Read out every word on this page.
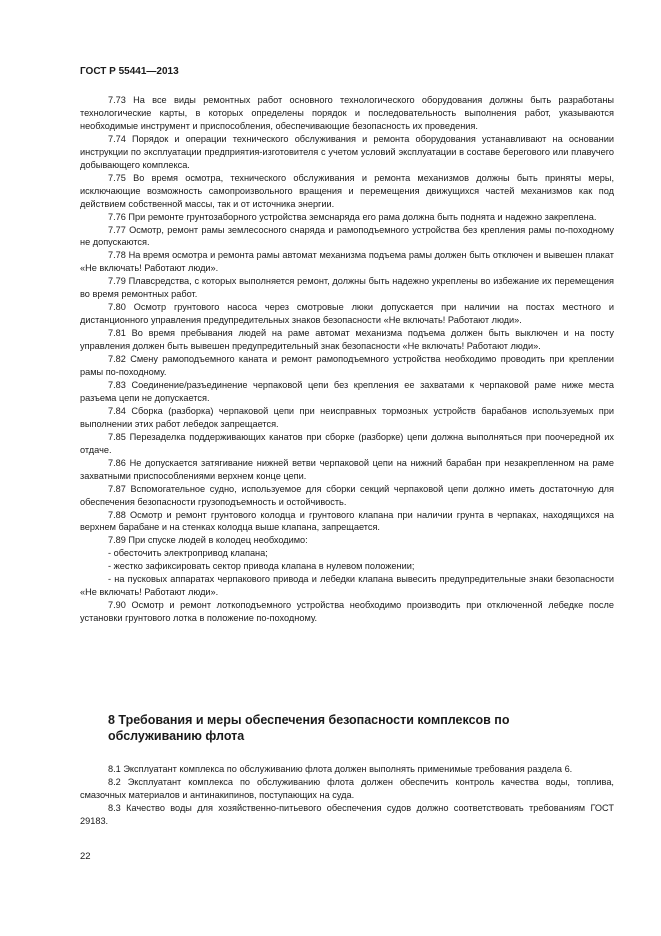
ГОСТ Р 55441—2013

7.73 На все виды ремонтных работ основного технологического оборудования должны быть разработаны технологические карты, в которых определены порядок и последовательность выполнения работ, указываются необходимые инструмент и приспособления, обеспечивающие безопасность их проведения.

7.74 Порядок и операции технического обслуживания и ремонта оборудования устанавливают на основании инструкции по эксплуатации предприятия-изготовителя с учетом условий эксплуатации в составе берегового или плавучего добывающего комплекса.

7.75 Во время осмотра, технического обслуживания и ремонта механизмов должны быть приняты меры, исключающие возможность самопроизвольного вращения и перемещения движущихся частей механизмов как под действием собственной массы, так и от источника энергии.

7.76 При ремонте грунтозаборного устройства земснаряда его рама должна быть поднята и надежно закреплена.

7.77 Осмотр, ремонт рамы землесосного снаряда и рамоподъемного устройства без крепления рамы по-походному не допускаются.

7.78 На время осмотра и ремонта рамы автомат механизма подъема рамы должен быть отключен и вывешен плакат «Не включать! Работают люди».

7.79 Плавсредства, с которых выполняется ремонт, должны быть надежно укреплены во избежание их перемещения во время ремонтных работ.

7.80 Осмотр грунтового насоса через смотровые люки допускается при наличии на постах местного и дистанционного управления предупредительных знаков безопасности «Не включать! Работают люди».

7.81 Во время пребывания людей на раме автомат механизма подъема должен быть выключен и на посту управления должен быть вывешен предупредительный знак безопасности «Не включать! Работают люди».

7.82 Смену рамоподъемного каната и ремонт рамоподъемного устройства необходимо проводить при креплении рамы по-походному.

7.83 Соединение/разъединение черпаковой цепи без крепления ее захватами к черпаковой раме ниже места разъема цепи не допускается.

7.84 Сборка (разборка) черпаковой цепи при неисправных тормозных устройств барабанов используемых при выполнении этих работ лебедок запрещается.

7.85 Перезаделка поддерживающих канатов при сборке (разборке) цепи должна выполняться при поочередной их отдаче.

7.86 Не допускается затягивание нижней ветви черпаковой цепи на нижний барабан при незакрепленном на раме захватными приспособлениями верхнем конце цепи.

7.87 Вспомогательное судно, используемое для сборки секций черпаковой цепи должно иметь достаточную для обеспечения безопасности грузоподъемность и остойчивость.

7.88 Осмотр и ремонт грунтового колодца и грунтового клапана при наличии грунта в черпаках, находящихся на верхнем барабане и на стенках колодца выше клапана, запрещается.

7.89 При спуске людей в колодец необходимо:

- обесточить электропривод клапана;

- жестко зафиксировать сектор привода клапана в нулевом положении;

- на пусковых аппаратах черпакового привода и лебедки клапана вывесить предупредительные знаки безопасности «Не включать! Работают люди».

7.90 Осмотр и ремонт лоткоподъемного устройства необходимо производить при отключенной лебедке после установки грунтового лотка в положение по-походному.

8 Требования и меры обеспечения безопасности комплексов по обслуживанию флота

8.1 Эксплуатант комплекса по обслуживанию флота должен выполнять применимые требования раздела 6.

8.2 Эксплуатант комплекса по обслуживанию флота должен обеспечить контроль качества воды, топлива, смазочных материалов и антинакипинов, поступающих на суда.

8.3 Качество воды для хозяйственно-питьевого обеспечения судов должно соответствовать требованиям ГОСТ 29183.

22
